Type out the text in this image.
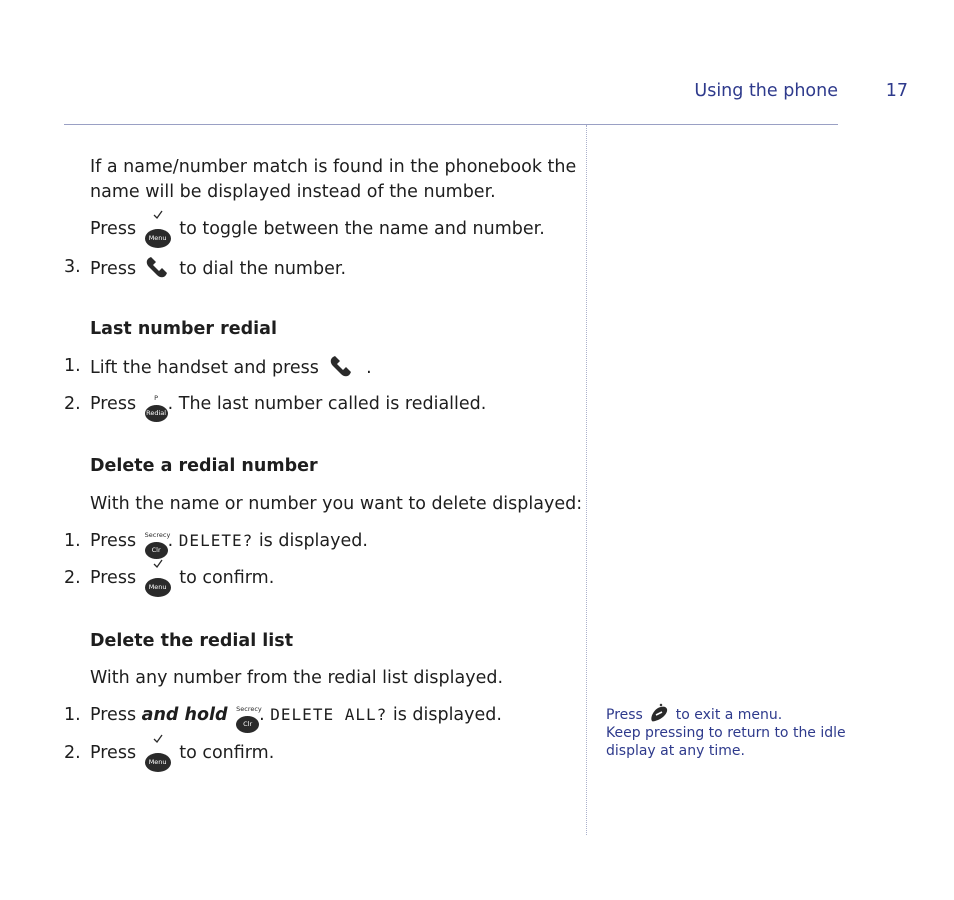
Using the phone	17
If a name/number match is found in the phonebook the
name will be displayed instead of the number.
Press Menu to toggle between the name and number.
3. Press to dial the number.
Last number redial
1. Lift the handset and press	.
2. Press	P
Redial. The last number called is redialled.
Delete a redial number
With the name or number you want to delete displayed:
1. Press Secrecy
Clr . DELETE? is displayed.
2. Press Menu to confirm.
Delete the redial list
With any number from the redial list displayed.
1. Press and hold Secrecy
Clr . DELETE ALL? is displayed.
2. Press Menu to confirm.
Press to exit a menu.
Keep pressing to return to the idle
display at any time.
